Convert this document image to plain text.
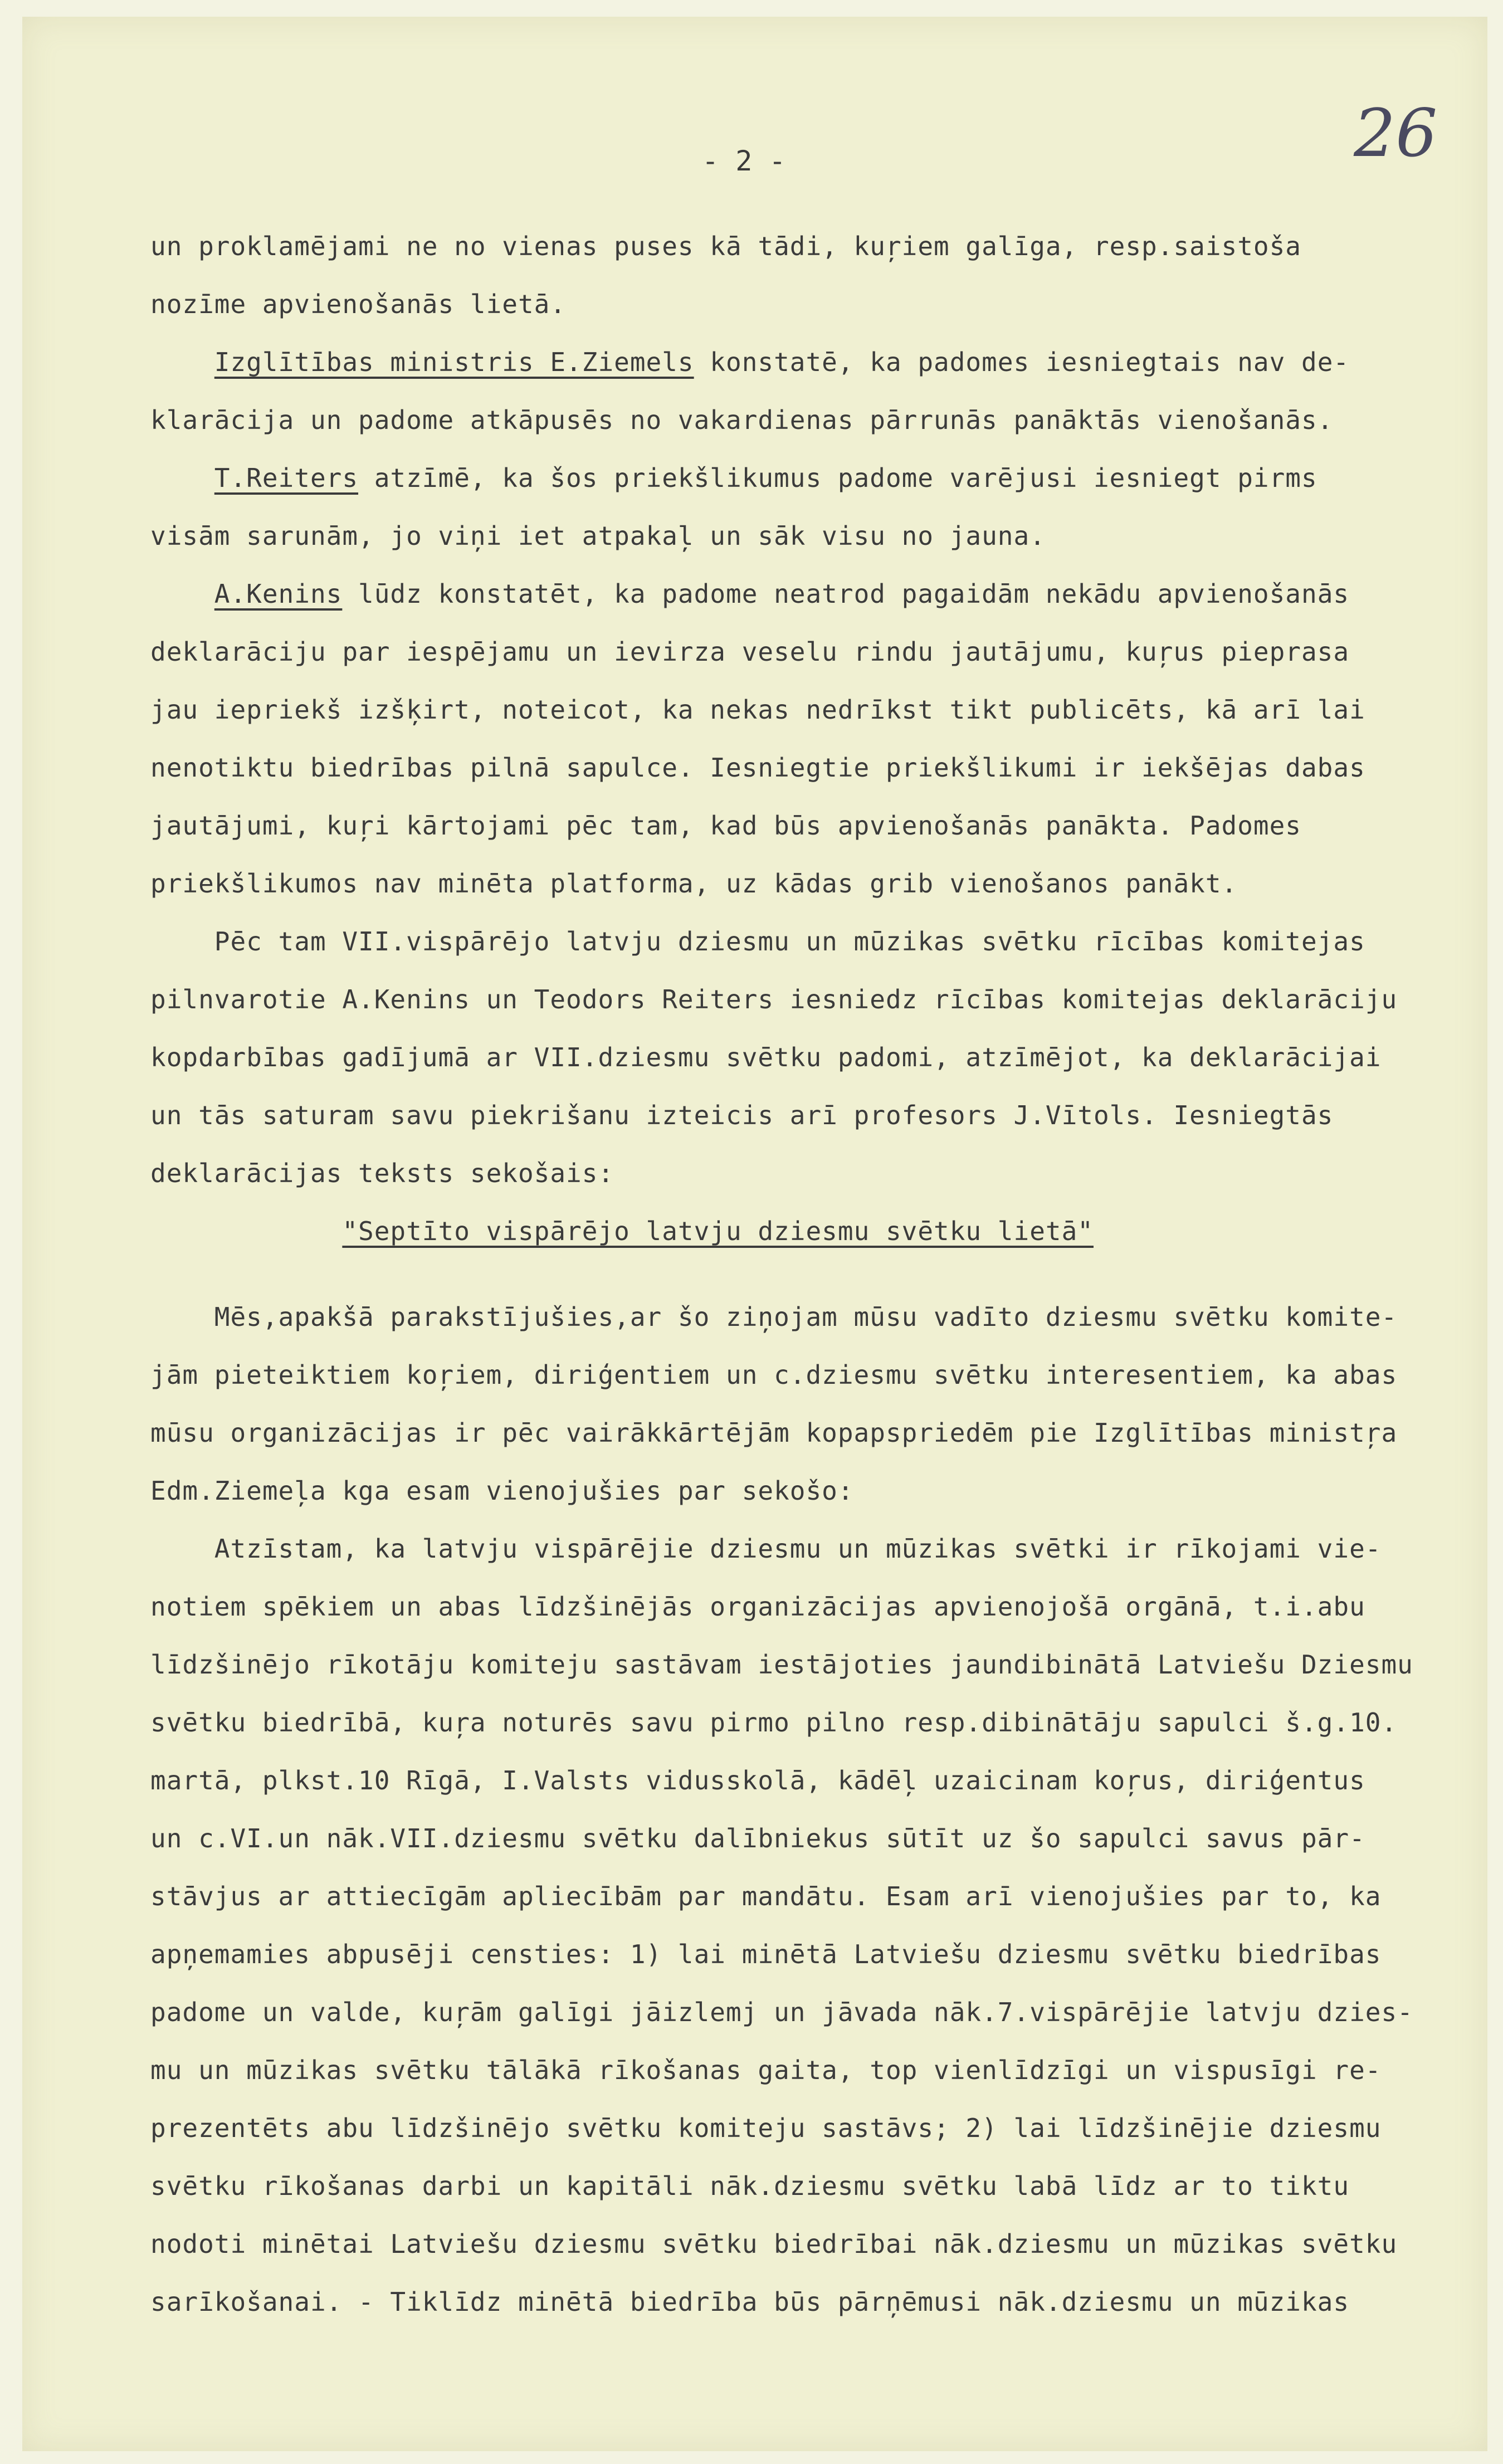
26
- 2 -
un proklamējami ne no vienas puses kā tādi, kuŗiem galīga, resp.saistoša
nozīme apvienošanās lietā.
Izglītības ministris E.Ziemels konstatē, ka padomes iesniegtais nav de-
klarācija un padome atkāpusēs no vakardienas pārrunās panāktās vienošanās.
T.Reiters atzīmē, ka šos priekšlikumus padome varējusi iesniegt pirms
visām sarunām, jo viņi iet atpakaļ un sāk visu no jauna.
A.Kenins lūdz konstatēt, ka padome neatrod pagaidām nekādu apvienošanās
deklarāciju par iespējamu un ievirza veselu rindu jautājumu, kuŗus pieprasa
jau iepriekš izšķirt, noteicot, ka nekas nedrīkst tikt publicēts, kā arī lai
nenotiktu biedrības pilnā sapulce. Iesniegtie priekšlikumi ir iekšējas dabas
jautājumi, kuŗi kārtojami pēc tam, kad būs apvienošanās panākta. Padomes
priekšlikumos nav minēta platforma, uz kādas grib vienošanos panākt.
Pēc tam VII.vispārējo latvju dziesmu un mūzikas svētku rīcības komitejas
pilnvarotie A.Kenins un Teodors Reiters iesniedz rīcības komitejas deklarāciju
kopdarbības gadījumā ar VII.dziesmu svētku padomi, atzīmējot, ka deklarācijai
un tās saturam savu piekrišanu izteicis arī profesors J.Vītols. Iesniegtās
deklarācijas teksts sekošais:
"Septīto vispārējo latvju dziesmu svētku lietā"
Mēs,apakšā parakstījušies,ar šo ziņojam mūsu vadīto dziesmu svētku komite-
jām pieteiktiem koŗiem, diriģentiem un c.dziesmu svētku interesentiem, ka abas
mūsu organizācijas ir pēc vairākkārtējām kopapspriedēm pie Izglītības ministŗa
Edm.Ziemeļa kga esam vienojušies par sekošo:
Atzīstam, ka latvju vispārējie dziesmu un mūzikas svētki ir rīkojami vie-
notiem spēkiem un abas līdzšinējās organizācijas apvienojošā orgānā, t.i.abu
līdzšinējo rīkotāju komiteju sastāvam iestājoties jaundibinātā Latviešu Dziesmu
svētku biedrībā, kuŗa noturēs savu pirmo pilno resp.dibinātāju sapulci š.g.10.
martā, plkst.10 Rīgā, I.Valsts vidusskolā, kādēļ uzaicinam koŗus, diriģentus
un c.VI.un nāk.VII.dziesmu svētku dalībniekus sūtīt uz šo sapulci savus pār-
stāvjus ar attiecīgām apliecībām par mandātu. Esam arī vienojušies par to, ka
apņemamies abpusēji censties: 1) lai minētā Latviešu dziesmu svētku biedrības
padome un valde, kuŗām galīgi jāizlemj un jāvada nāk.7.vispārējie latvju dzies-
mu un mūzikas svētku tālākā rīkošanas gaita, top vienlīdzīgi un vispusīgi re-
prezentēts abu līdzšinējo svētku komiteju sastāvs; 2) lai līdzšinējie dziesmu
svētku rīkošanas darbi un kapitāli nāk.dziesmu svētku labā līdz ar to tiktu
nodoti minētai Latviešu dziesmu svētku biedrībai nāk.dziesmu un mūzikas svētku
sarīkošanai. - Tiklīdz minētā biedrība būs pārņēmusi nāk.dziesmu un mūzikas
